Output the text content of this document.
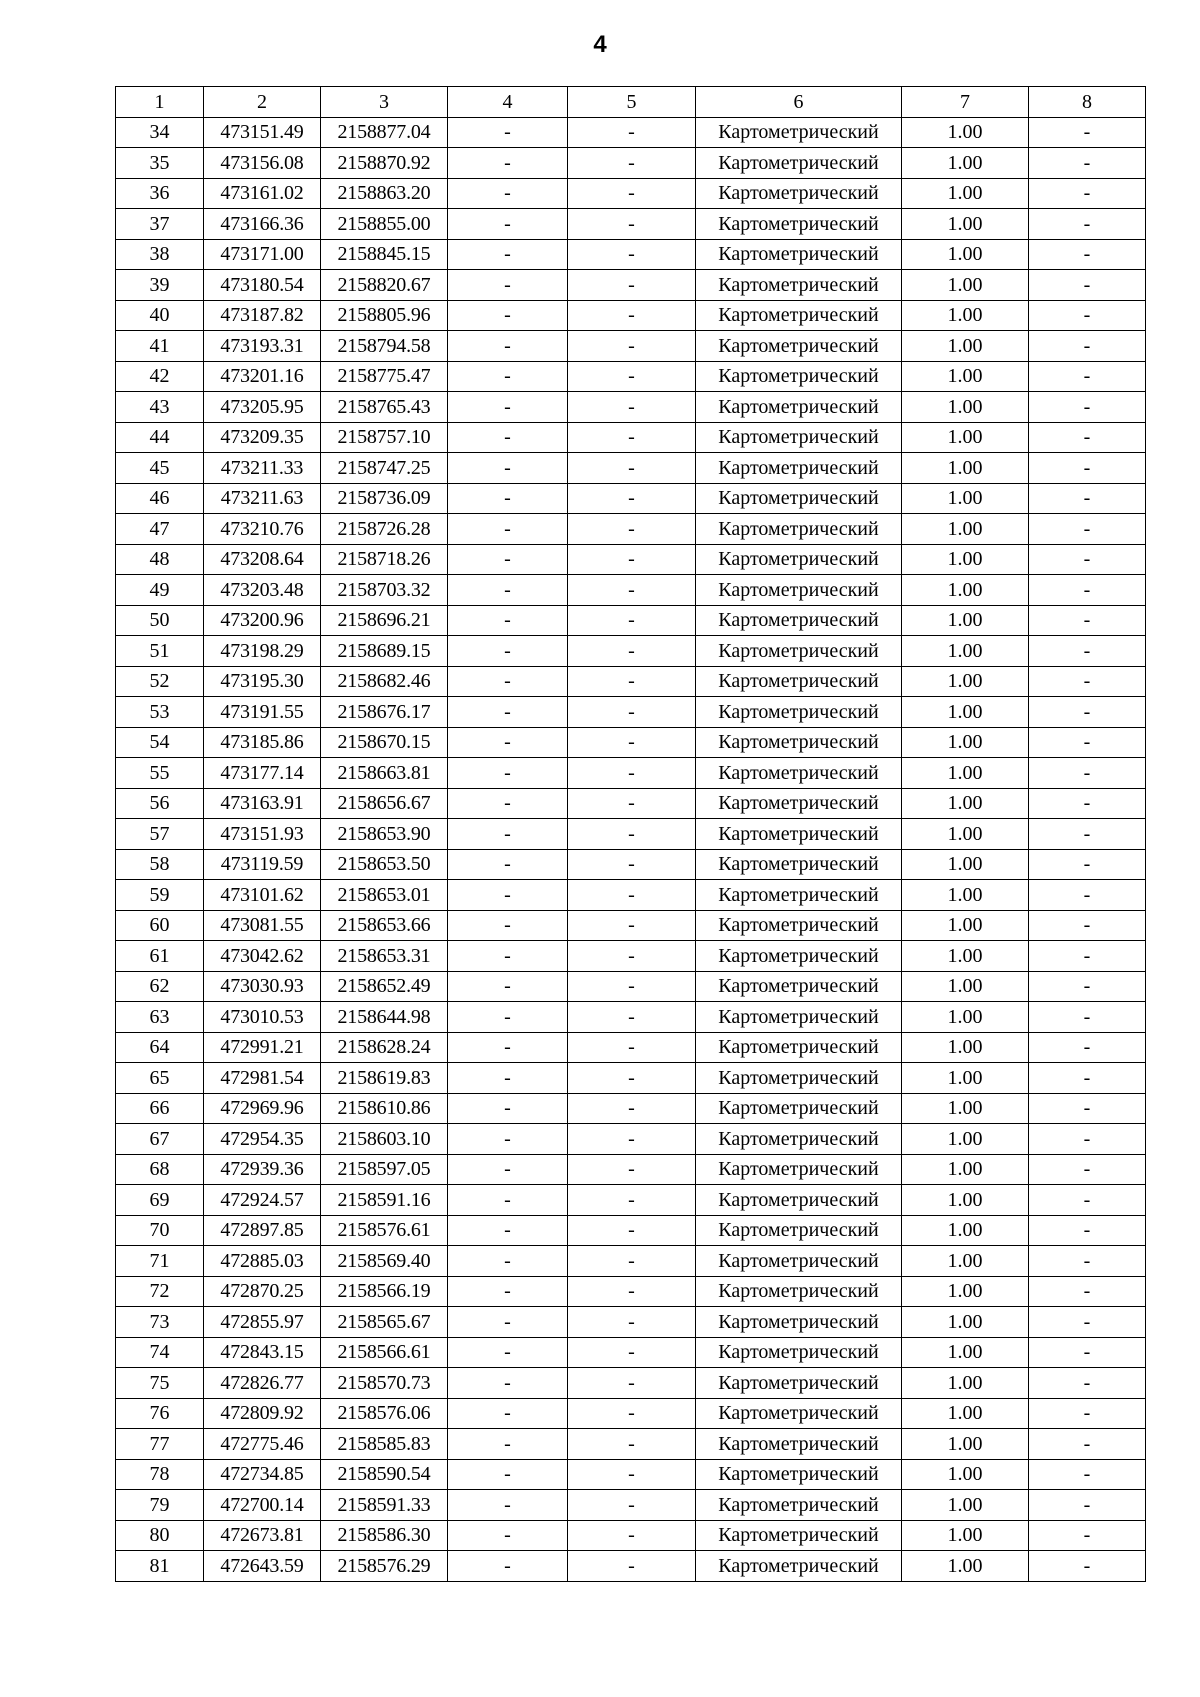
4
1	2	3	4	5	6	7	8
34	473151.49	2158877.04	-	-	Картометрический	1.00	-
35	473156.08	2158870.92	-	-	Картометрический	1.00	-
36	473161.02	2158863.20	-	-	Картометрический	1.00	-
37	473166.36	2158855.00	-	-	Картометрический	1.00	-
38	473171.00	2158845.15	-	-	Картометрический	1.00	-
39	473180.54	2158820.67	-	-	Картометрический	1.00	-
40	473187.82	2158805.96	-	-	Картометрический	1.00	-
41	473193.31	2158794.58	-	-	Картометрический	1.00	-
42	473201.16	2158775.47	-	-	Картометрический	1.00	-
43	473205.95	2158765.43	-	-	Картометрический	1.00	-
44	473209.35	2158757.10	-	-	Картометрический	1.00	-
45	473211.33	2158747.25	-	-	Картометрический	1.00	-
46	473211.63	2158736.09	-	-	Картометрический	1.00	-
47	473210.76	2158726.28	-	-	Картометрический	1.00	-
48	473208.64	2158718.26	-	-	Картометрический	1.00	-
49	473203.48	2158703.32	-	-	Картометрический	1.00	-
50	473200.96	2158696.21	-	-	Картометрический	1.00	-
51	473198.29	2158689.15	-	-	Картометрический	1.00	-
52	473195.30	2158682.46	-	-	Картометрический	1.00	-
53	473191.55	2158676.17	-	-	Картометрический	1.00	-
54	473185.86	2158670.15	-	-	Картометрический	1.00	-
55	473177.14	2158663.81	-	-	Картометрический	1.00	-
56	473163.91	2158656.67	-	-	Картометрический	1.00	-
57	473151.93	2158653.90	-	-	Картометрический	1.00	-
58	473119.59	2158653.50	-	-	Картометрический	1.00	-
59	473101.62	2158653.01	-	-	Картометрический	1.00	-
60	473081.55	2158653.66	-	-	Картометрический	1.00	-
61	473042.62	2158653.31	-	-	Картометрический	1.00	-
62	473030.93	2158652.49	-	-	Картометрический	1.00	-
63	473010.53	2158644.98	-	-	Картометрический	1.00	-
64	472991.21	2158628.24	-	-	Картометрический	1.00	-
65	472981.54	2158619.83	-	-	Картометрический	1.00	-
66	472969.96	2158610.86	-	-	Картометрический	1.00	-
67	472954.35	2158603.10	-	-	Картометрический	1.00	-
68	472939.36	2158597.05	-	-	Картометрический	1.00	-
69	472924.57	2158591.16	-	-	Картометрический	1.00	-
70	472897.85	2158576.61	-	-	Картометрический	1.00	-
71	472885.03	2158569.40	-	-	Картометрический	1.00	-
72	472870.25	2158566.19	-	-	Картометрический	1.00	-
73	472855.97	2158565.67	-	-	Картометрический	1.00	-
74	472843.15	2158566.61	-	-	Картометрический	1.00	-
75	472826.77	2158570.73	-	-	Картометрический	1.00	-
76	472809.92	2158576.06	-	-	Картометрический	1.00	-
77	472775.46	2158585.83	-	-	Картометрический	1.00	-
78	472734.85	2158590.54	-	-	Картометрический	1.00	-
79	472700.14	2158591.33	-	-	Картометрический	1.00	-
80	472673.81	2158586.30	-	-	Картометрический	1.00	-
81	472643.59	2158576.29	-	-	Картометрический	1.00	-
